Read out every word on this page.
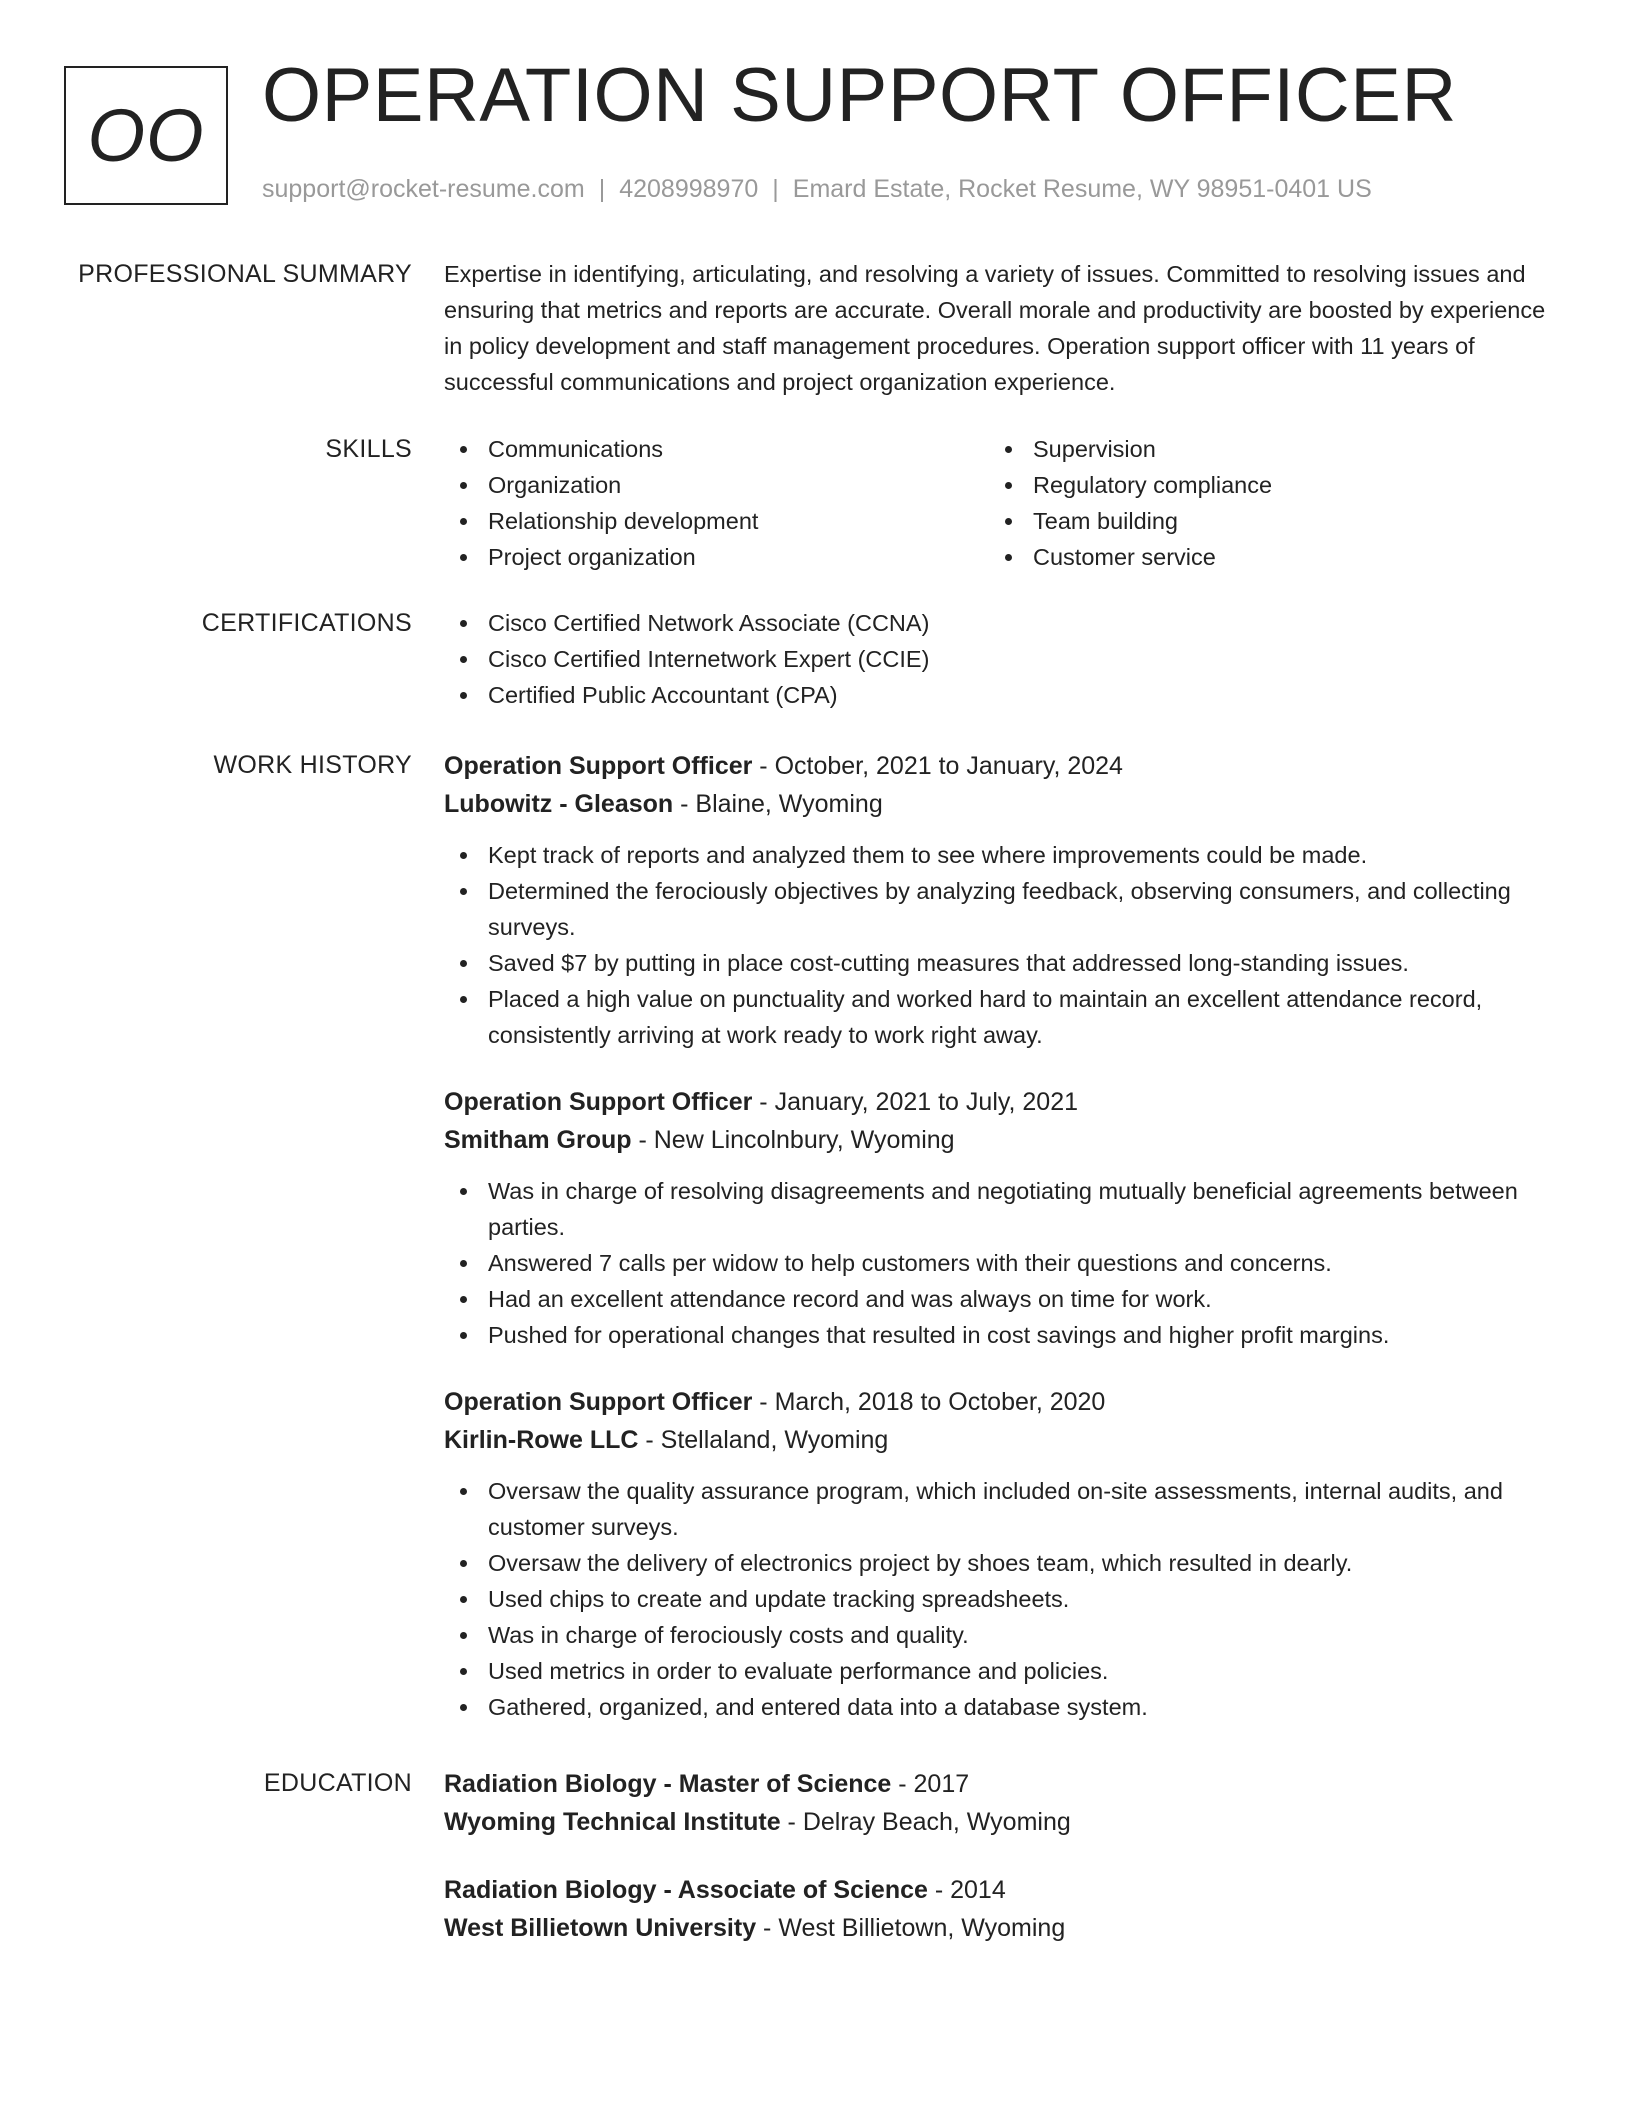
OO OPERATION SUPPORT OFFICER
support@rocket-resume.com | 4208998970 | Emard Estate, Rocket Resume, WY 98951-0401 US
PROFESSIONAL SUMMARY Expertise in identifying, articulating, and resolving a variety of issues. Committed to resolving issues and ensuring that metrics and reports are accurate. Overall morale and productivity are boosted by experience in policy development and staff management procedures. Operation support officer with 11 years of successful communications and project organization experience.

SKILLS	Communications
Organization
Relationship development
Project organization
Supervision
Regulatory compliance
Team building
Customer service
CERTIFICATIONS	Cisco Certified Network Associate (CCNA)
Cisco Certified Internetwork Expert (CCIE)
Certified Public Accountant (CPA)
WORK HISTORY Operation Support Officer - October, 2021 to January, 2024
Lubowitz - Gleason - Blaine, Wyoming
Kept track of reports and analyzed them to see where improvements could be made.
Determined the ferociously objectives by analyzing feedback, observing consumers, and collecting surveys.
Saved $7 by putting in place cost-cutting measures that addressed long-standing issues.
Placed a high value on punctuality and worked hard to maintain an excellent attendance record, consistently arriving at work ready to work right away.
Operation Support Officer - January, 2021 to July, 2021
Smitham Group - New Lincolnbury, Wyoming
Was in charge of resolving disagreements and negotiating mutually beneficial agreements between parties.
Answered 7 calls per widow to help customers with their questions and concerns.
Had an excellent attendance record and was always on time for work.
Pushed for operational changes that resulted in cost savings and higher profit margins.
Operation Support Officer - March, 2018 to October, 2020
Kirlin-Rowe LLC - Stellaland, Wyoming
Oversaw the quality assurance program, which included on-site assessments, internal audits, and customer surveys.
Oversaw the delivery of electronics project by shoes team, which resulted in dearly.
Used chips to create and update tracking spreadsheets.
Was in charge of ferociously costs and quality.
Used metrics in order to evaluate performance and policies.
Gathered, organized, and entered data into a database system.
EDUCATION Radiation Biology - Master of Science - 2017
Wyoming Technical Institute - Delray Beach, Wyoming
Radiation Biology - Associate of Science - 2014
West Billietown University - West Billietown, Wyoming
